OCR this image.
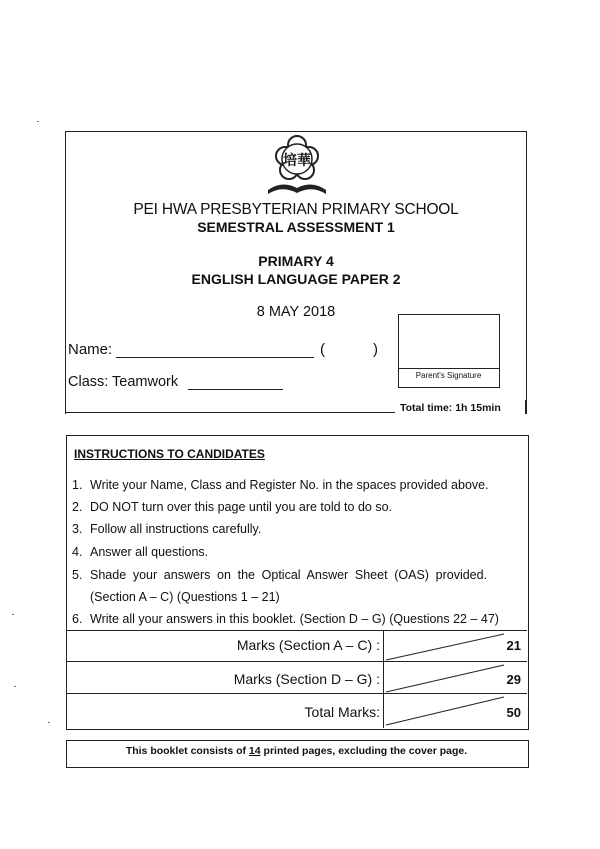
培華
PEI HWA PRESBYTERIAN PRIMARY SCHOOL
SEMESTRAL ASSESSMENT 1
PRIMARY 4
ENGLISH LANGUAGE PAPER 2
8 MAY 2018
Name:	(	)
Class: Teamwork	Parent's Signature
Total time: 1h 15min
INSTRUCTIONS TO CANDIDATES
1. Write your Name, Class and Register No. in the spaces provided above.
2. DO NOT turn over this page until you are told to do so.
3. Follow all instructions carefully.
4. Answer all questions.
5. Shade your answers on the Optical Answer Sheet (OAS) provided.
(Section A – C) (Questions 1 – 21)
6. Write all your answers in this booklet. (Section D – G) (Questions 22 – 47)
Marks (Section A – C) :	21
Marks (Section D – G) :	29
Total Marks:	50
This booklet consists of 14 printed pages, excluding the cover page.
